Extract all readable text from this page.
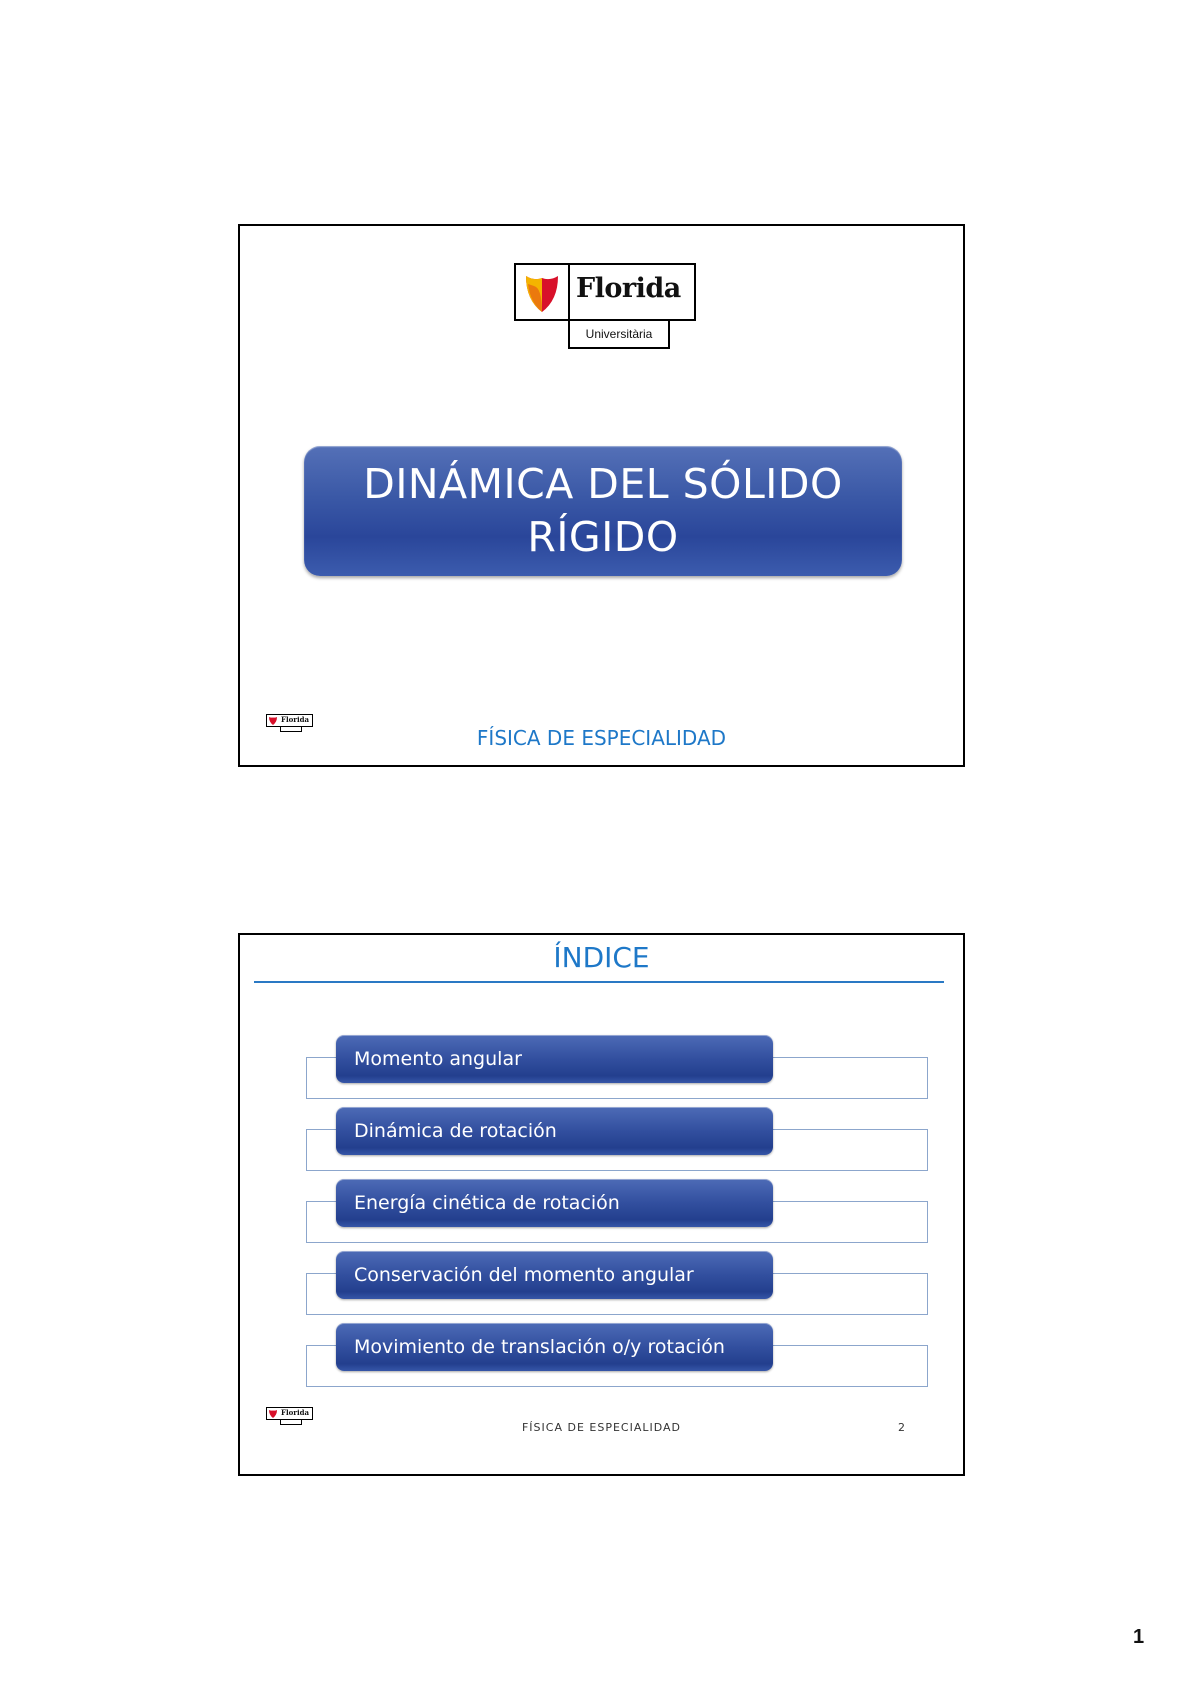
Florida
Universitària
DINÁMICA DEL SÓLIDO
RÍGIDO
Florida
FÍSICA DE ESPECIALIDAD
ÍNDICE
Momento angular
Dinámica de rotación
Energía cinética de rotación
Conservación del momento angular
Movimiento de translación o/y rotación
Florida
FÍSICA DE ESPECIALIDAD	2
1
